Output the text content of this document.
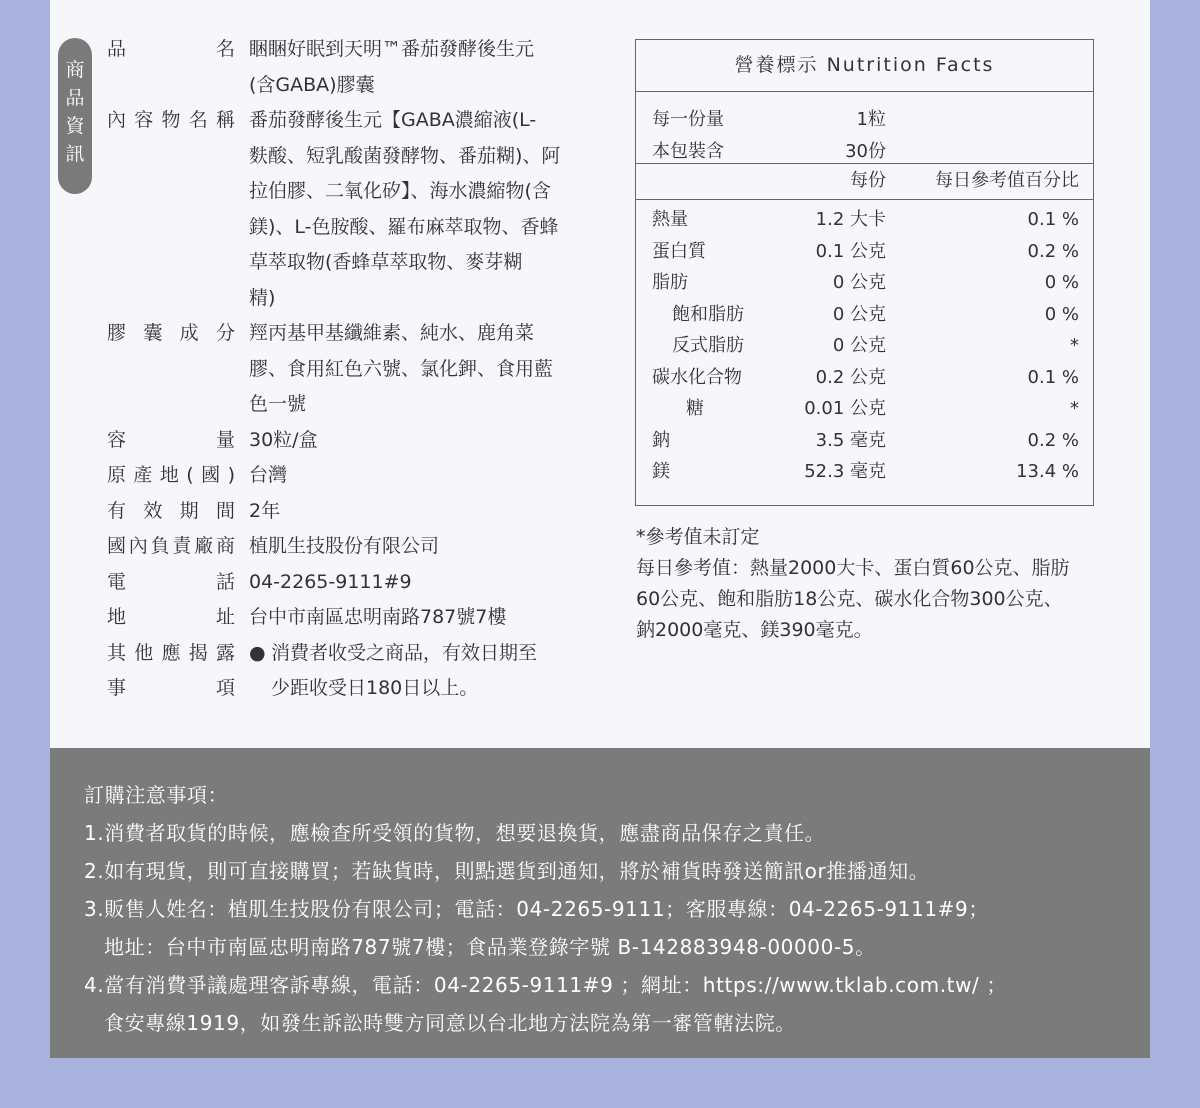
商
品
資
訊
品名 睏睏好眠到天明™番茄發酵後生元
(含GABA)膠囊
內容物名稱 番茄發酵後生元【GABA濃縮液(L-
麩酸、短乳酸菌發酵物、番茄糊)、阿
拉伯膠、二氧化矽】、海水濃縮物(含
鎂)、L-色胺酸、羅布麻萃取物、香蜂
草萃取物(香蜂草萃取物、麥芽糊
精)
膠囊成分 羥丙基甲基纖維素、純水、鹿角菜
膠、食用紅色六號、氯化鉀、食用藍
色一號
容量 30粒/盒
原產地(國) 台灣
有效期間 2年
國內負責廠商 植肌生技股份有限公司
電話 04-2265-9111#9
地址 台中市南區忠明南路787號7樓
其他應揭露
事項
● 消費者收受之商品，有效日期至
少距收受日180日以上。
營養標示 Nutrition Facts
每一份量	1粒
本包裝含	30份
每份	每日參考值百分比
熱量	1.2 大卡	0.1 %
蛋白質	0.1 公克	0.2 %
脂肪	0 公克	0 %
飽和脂肪	0 公克	0 %
反式脂肪	0 公克	*
碳水化合物	0.2 公克	0.1 %
糖	0.01 公克	*
鈉	3.5 毫克	0.2 %
鎂	52.3 毫克	13.4 %
*參考值未訂定
每日參考值：熱量2000大卡、蛋白質60公克、脂肪
60公克、飽和脂肪18公克、碳水化合物300公克、
鈉2000毫克、鎂390毫克。
訂購注意事項：
1.消費者取貨的時候，應檢查所受領的貨物，想要退換貨，應盡商品保存之責任。
2.如有現貨，則可直接購買；若缺貨時，則點選貨到通知，將於補貨時發送簡訊or推播通知。
3.販售人姓名：植肌生技股份有限公司；電話：04-2265-9111；客服專線：04-2265-9111#9；
地址：台中市南區忠明南路787號7樓；食品業登錄字號 B-142883948-00000-5。
4.當有消費爭議處理客訴專線，電話：04-2265-9111#9 ；網址：https://www.tklab.com.tw/ ；
食安專線1919，如發生訴訟時雙方同意以台北地方法院為第一審管轄法院。
